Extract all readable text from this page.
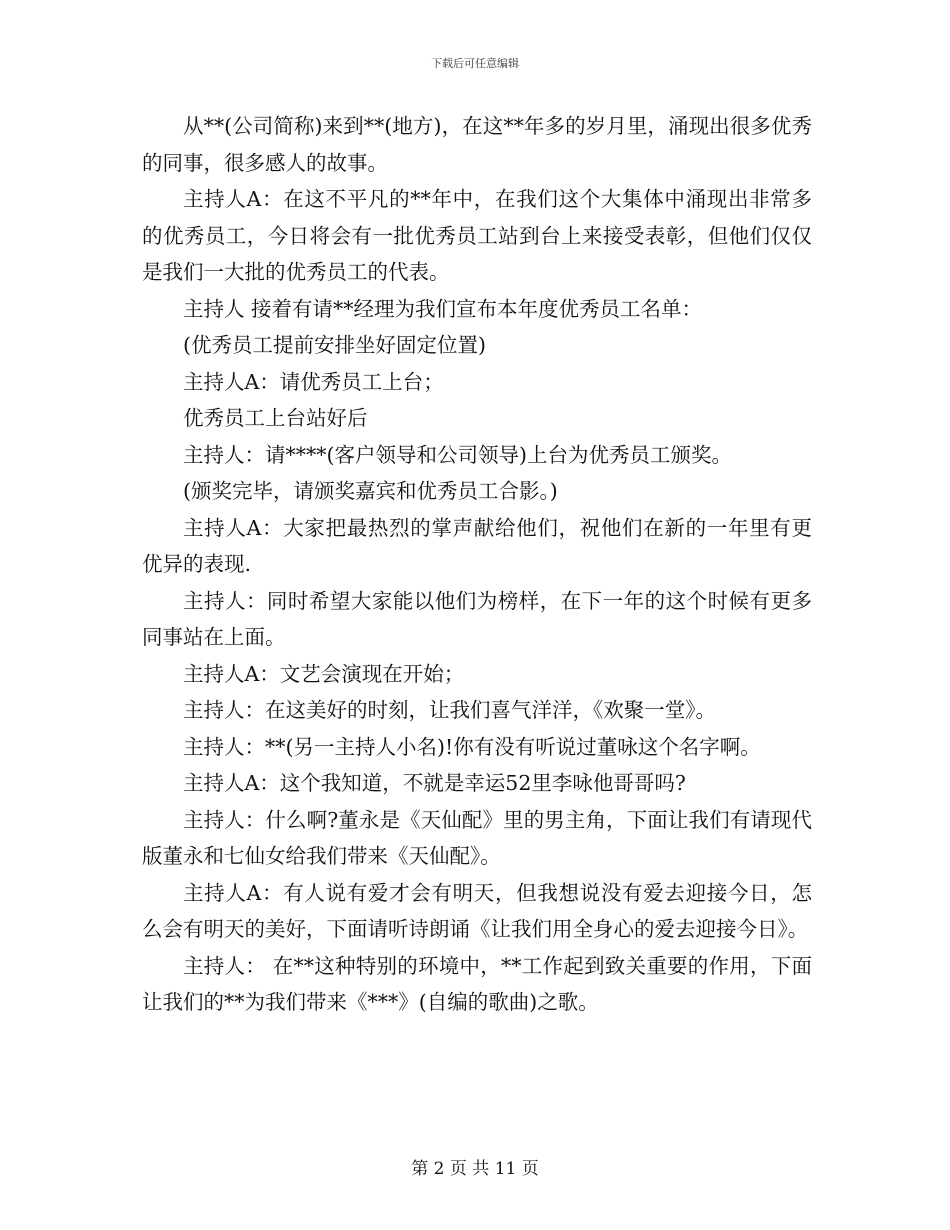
下载后可任意编辑

从**(公司简称)来到**(地方)，在这**年多的岁月里，涌现出很多优秀的同事，很多感人的故事。

主持人A：在这不平凡的**年中，在我们这个大集体中涌现出非常多的优秀员工，今日将会有一批优秀员工站到台上来接受表彰，但他们仅仅是我们一大批的优秀员工的代表。

主持人 接着有请**经理为我们宣布本年度优秀员工名单：

(优秀员工提前安排坐好固定位置)

主持人A：请优秀员工上台；

优秀员工上台站好后

主持人：请****(客户领导和公司领导)上台为优秀员工颁奖。

(颁奖完毕，请颁奖嘉宾和优秀员工合影。)

主持人A：大家把最热烈的掌声献给他们，祝他们在新的一年里有更优异的表现.

主持人：同时希望大家能以他们为榜样，在下一年的这个时候有更多同事站在上面。

主持人A：文艺会演现在开始；

主持人：在这美好的时刻，让我们喜气洋洋，《欢聚一堂》。

主持人：**(另一主持人小名)!你有没有听说过董咏这个名字啊。

主持人A：这个我知道，不就是幸运52里李咏他哥哥吗?

主持人：什么啊?董永是《天仙配》里的男主角，下面让我们有请现代版董永和七仙女给我们带来《天仙配》。

主持人A：有人说有爱才会有明天，但我想说没有爱去迎接今日，怎么会有明天的美好，下面请听诗朗诵《让我们用全身心的爱去迎接今日》。

主持人： 在**这种特别的环境中，**工作起到致关重要的作用，下面让我们的**为我们带来《***》(自编的歌曲)之歌。

第 2 页 共 11 页
